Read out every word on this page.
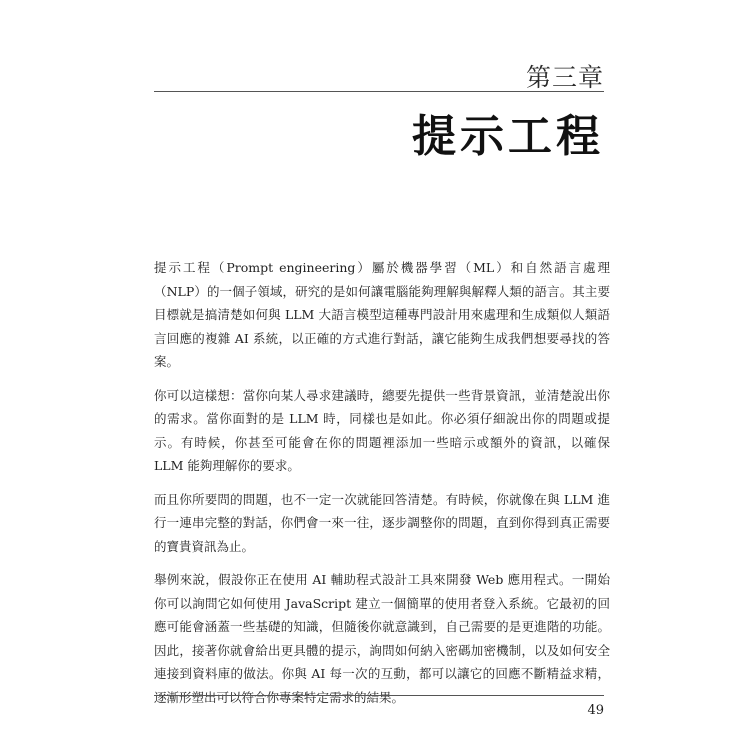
第三章
提示工程

提示工程（Prompt engineering）屬於機器學習（ML）和自然語言處理（NLP）的一個子領域，研究的是如何讓電腦能夠理解與解釋人類的語言。其主要目標就是搞清楚如何與 LLM 大語言模型這種專門設計用來處理和生成類似人類語言回應的複雜 AI 系統，以正確的方式進行對話，讓它能夠生成我們想要尋找的答案。

你可以這樣想：當你向某人尋求建議時，總要先提供一些背景資訊，並清楚說出你的需求。當你面對的是 LLM 時，同樣也是如此。你必須仔細說出你的問題或提示。有時候，你甚至可能會在你的問題裡添加一些暗示或額外的資訊，以確保 LLM 能夠理解你的要求。

而且你所要問的問題，也不一定一次就能回答清楚。有時候，你就像在與 LLM 進行一連串完整的對話，你們會一來一往，逐步調整你的問題，直到你得到真正需要的寶貴資訊為止。

舉例來說，假設你正在使用 AI 輔助程式設計工具來開發 Web 應用程式。一開始你可以詢問它如何使用 JavaScript 建立一個簡單的使用者登入系統。它最初的回應可能會涵蓋一些基礎的知識，但隨後你就意識到，自己需要的是更進階的功能。因此，接著你就會給出更具體的提示，詢問如何納入密碼加密機制，以及如何安全連接到資料庫的做法。你與 AI 每一次的互動，都可以讓它的回應不斷精益求精，逐漸形塑出可以符合你專案特定需求的結果。

49
